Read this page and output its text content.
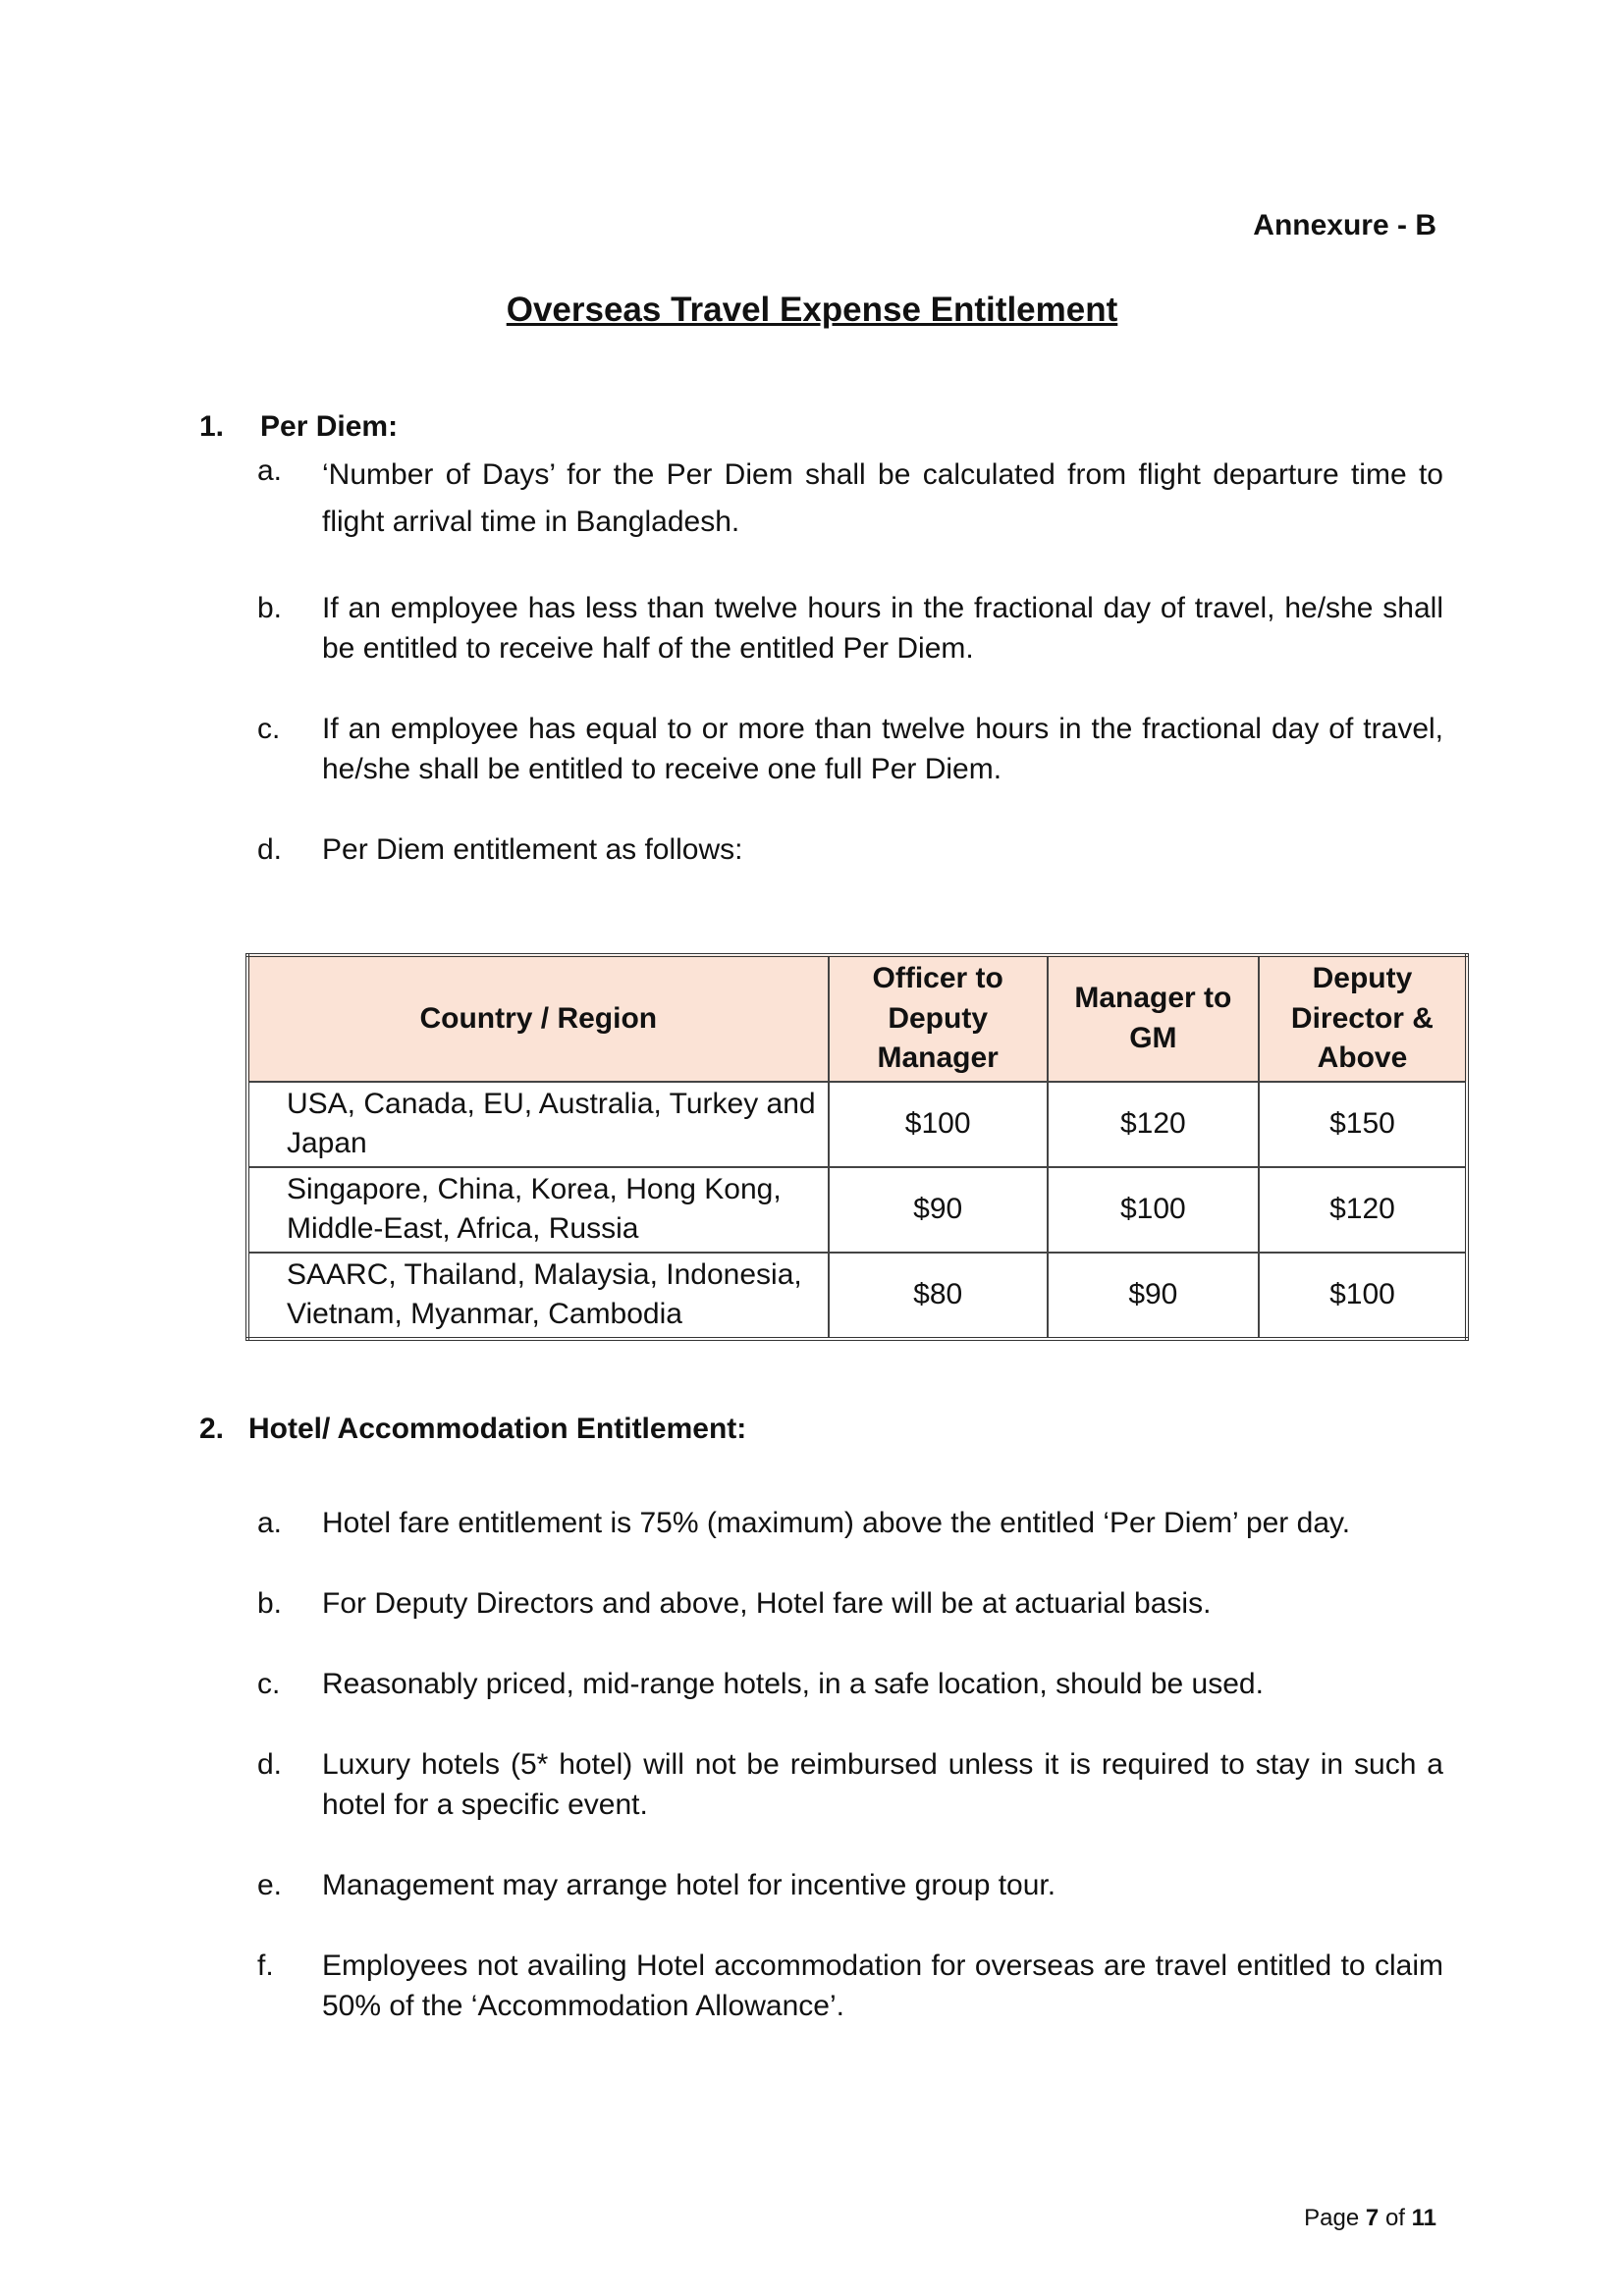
Annexure - B
Overseas Travel Expense Entitlement
1. Per Diem:
a. ‘Number of Days’ for the Per Diem shall be calculated from flight departure time to flight arrival time in Bangladesh.
b. If an employee has less than twelve hours in the fractional day of travel, he/she shall be entitled to receive half of the entitled Per Diem.
c. If an employee has equal to or more than twelve hours in the fractional day of travel, he/she shall be entitled to receive one full Per Diem.
d. Per Diem entitlement as follows:
Country / Region	Officer to Deputy Manager	Manager to GM	Deputy Director & Above
USA, Canada, EU, Australia, Turkey and Japan	$100	$120	$150
Singapore, China, Korea, Hong Kong, Middle-East, Africa, Russia	$90	$100	$120
SAARC, Thailand, Malaysia, Indonesia, Vietnam, Myanmar, Cambodia	$80	$90	$100
2. Hotel/ Accommodation Entitlement:
a. Hotel fare entitlement is 75% (maximum) above the entitled ‘Per Diem’ per day.
b. For Deputy Directors and above, Hotel fare will be at actuarial basis.
c. Reasonably priced, mid-range hotels, in a safe location, should be used.
d. Luxury hotels (5* hotel) will not be reimbursed unless it is required to stay in such a hotel for a specific event.
e. Management may arrange hotel for incentive group tour.
f. Employees not availing Hotel accommodation for overseas are travel entitled to claim 50% of the ‘Accommodation Allowance’.
Page 7 of 11
